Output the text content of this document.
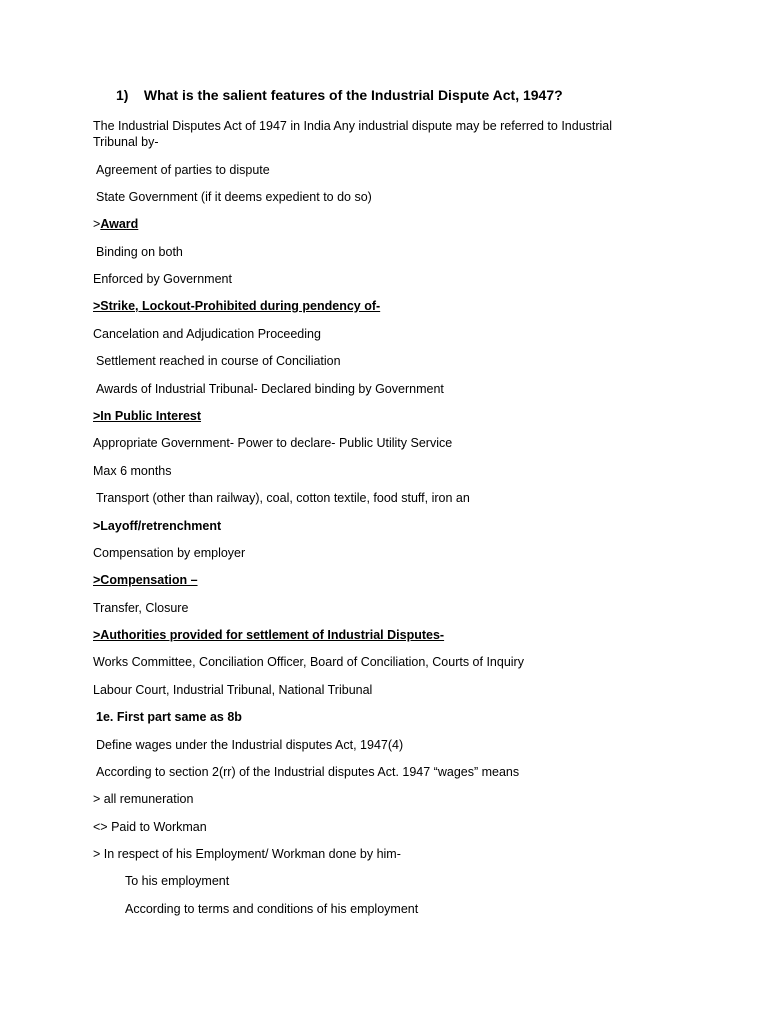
1) What is the salient features of the Industrial Dispute Act, 1947?
The Industrial Disputes Act of 1947 in India Any industrial dispute may be referred to Industrial Tribunal by-
Agreement of parties to dispute
State Government (if it deems expedient to do so)
>Award
Binding on both
Enforced by Government
>Strike, Lockout-Prohibited during pendency of-
Cancelation and Adjudication Proceeding
Settlement reached in course of Conciliation
Awards of Industrial Tribunal- Declared binding by Government
>In Public Interest
Appropriate Government- Power to declare- Public Utility Service
Max 6 months
Transport (other than railway), coal, cotton textile, food stuff, iron an
>Layoff/retrenchment
Compensation by employer
>Compensation –
Transfer, Closure
>Authorities provided for settlement of Industrial Disputes-
Works Committee, Conciliation Officer, Board of Conciliation, Courts of Inquiry
Labour Court, Industrial Tribunal, National Tribunal
1e. First part same as 8b
Define wages under the Industrial disputes Act, 1947(4)
According to section 2(rr) of the Industrial disputes Act. 1947 “wages” means
> all remuneration
<> Paid to Workman
> In respect of his Employment/ Workman done by him-
To his employment
According to terms and conditions of his employment
